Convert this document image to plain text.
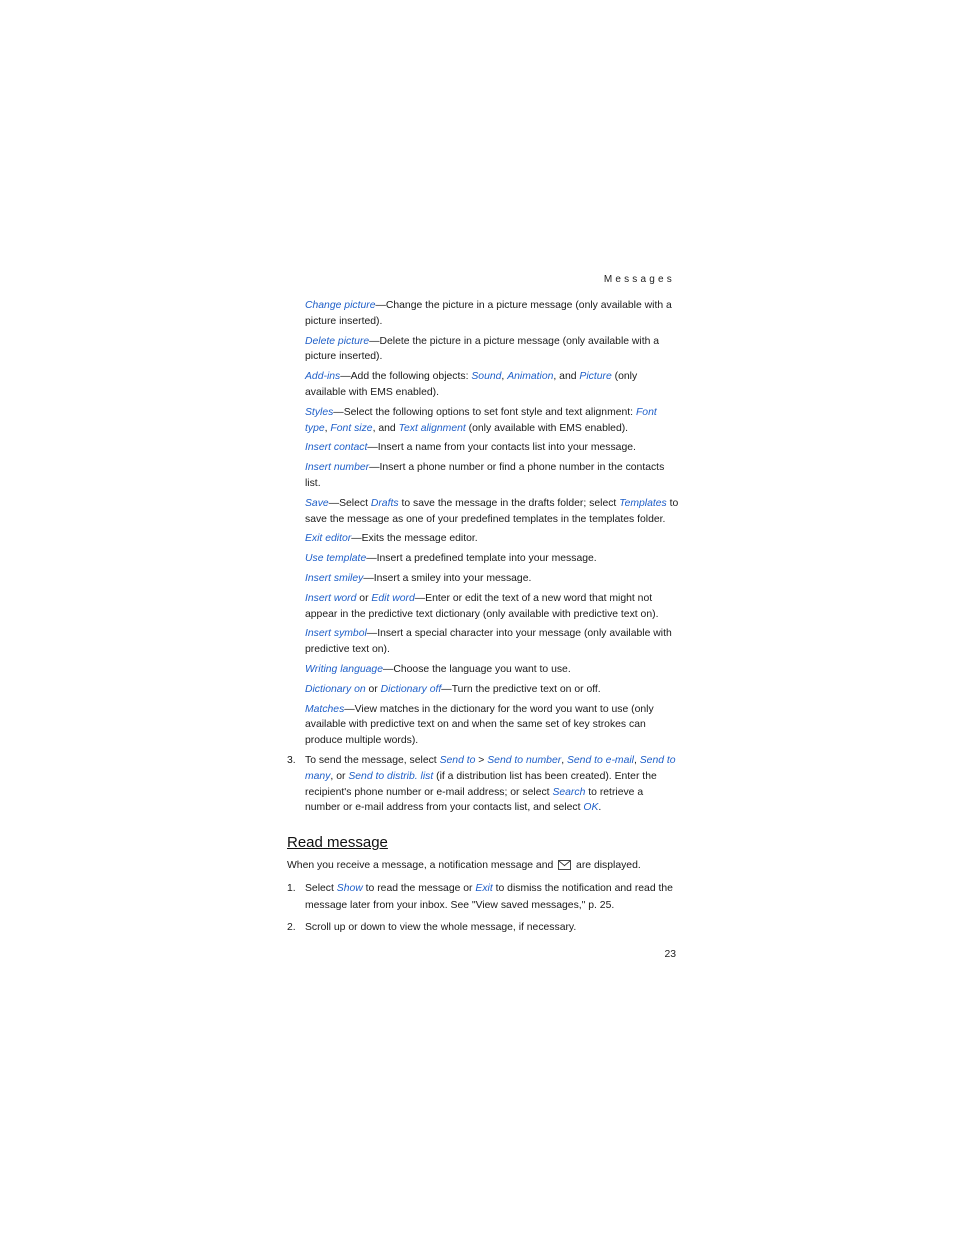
Messages
Change picture—Change the picture in a picture message (only available with a picture inserted).
Delete picture—Delete the picture in a picture message (only available with a picture inserted).
Add-ins—Add the following objects: Sound, Animation, and Picture (only available with EMS enabled).
Styles—Select the following options to set font style and text alignment: Font type, Font size, and Text alignment (only available with EMS enabled).
Insert contact—Insert a name from your contacts list into your message.
Insert number—Insert a phone number or find a phone number in the contacts list.
Save—Select Drafts to save the message in the drafts folder; select Templates to save the message as one of your predefined templates in the templates folder.
Exit editor—Exits the message editor.
Use template—Insert a predefined template into your message.
Insert smiley—Insert a smiley into your message.
Insert word or Edit word—Enter or edit the text of a new word that might not appear in the predictive text dictionary (only available with predictive text on).
Insert symbol—Insert a special character into your message (only available with predictive text on).
Writing language—Choose the language you want to use.
Dictionary on or Dictionary off—Turn the predictive text on or off.
Matches—View matches in the dictionary for the word you want to use (only available with predictive text on and when the same set of key strokes can produce multiple words).
3. To send the message, select Send to > Send to number, Send to e-mail, Send to many, or Send to distrib. list (if a distribution list has been created). Enter the recipient's phone number or e-mail address; or select Search to retrieve a number or e-mail address from your contacts list, and select OK.
Read message
When you receive a message, a notification message and  are displayed.
1. Select Show to read the message or Exit to dismiss the notification and read the message later from your inbox. See "View saved messages," p. 25.
2. Scroll up or down to view the whole message, if necessary.
23
